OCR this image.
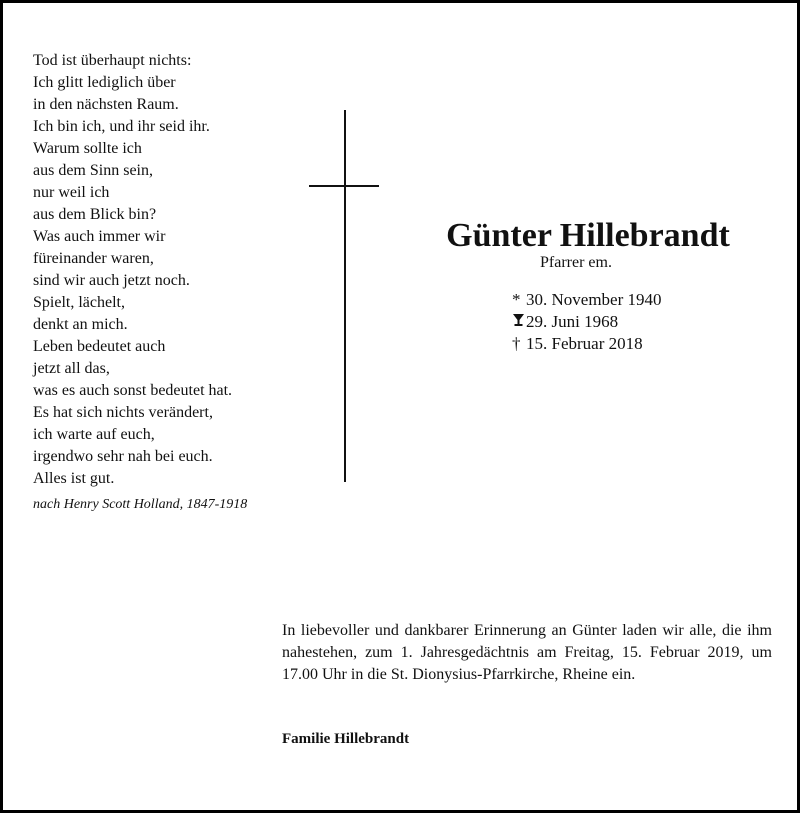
Tod ist überhaupt nichts:
Ich glitt lediglich über
in den nächsten Raum.
Ich bin ich, und ihr seid ihr.
Warum sollte ich
aus dem Sinn sein,
nur weil ich
aus dem Blick bin?
Was auch immer wir
füreinander waren,
sind wir auch jetzt noch.
Spielt, lächelt,
denkt an mich.
Leben bedeutet auch
jetzt all das,
was es auch sonst bedeutet hat.
Es hat sich nichts verändert,
ich warte auf euch,
irgendwo sehr nah bei euch.
Alles ist gut.
nach Henry Scott Holland, 1847-1918
Günter Hillebrandt
Pfarrer em.
* 30. November 1940
29. Juni 1968
† 15. Februar 2018
In liebevoller und dankbarer Erinnerung an Günter laden wir alle, die ihm nahestehen, zum 1. Jahresgedächtnis am Freitag, 15. Februar 2019, um 17.00 Uhr in die St. Dionysius-Pfarrkirche, Rheine ein.
Familie Hillebrandt
